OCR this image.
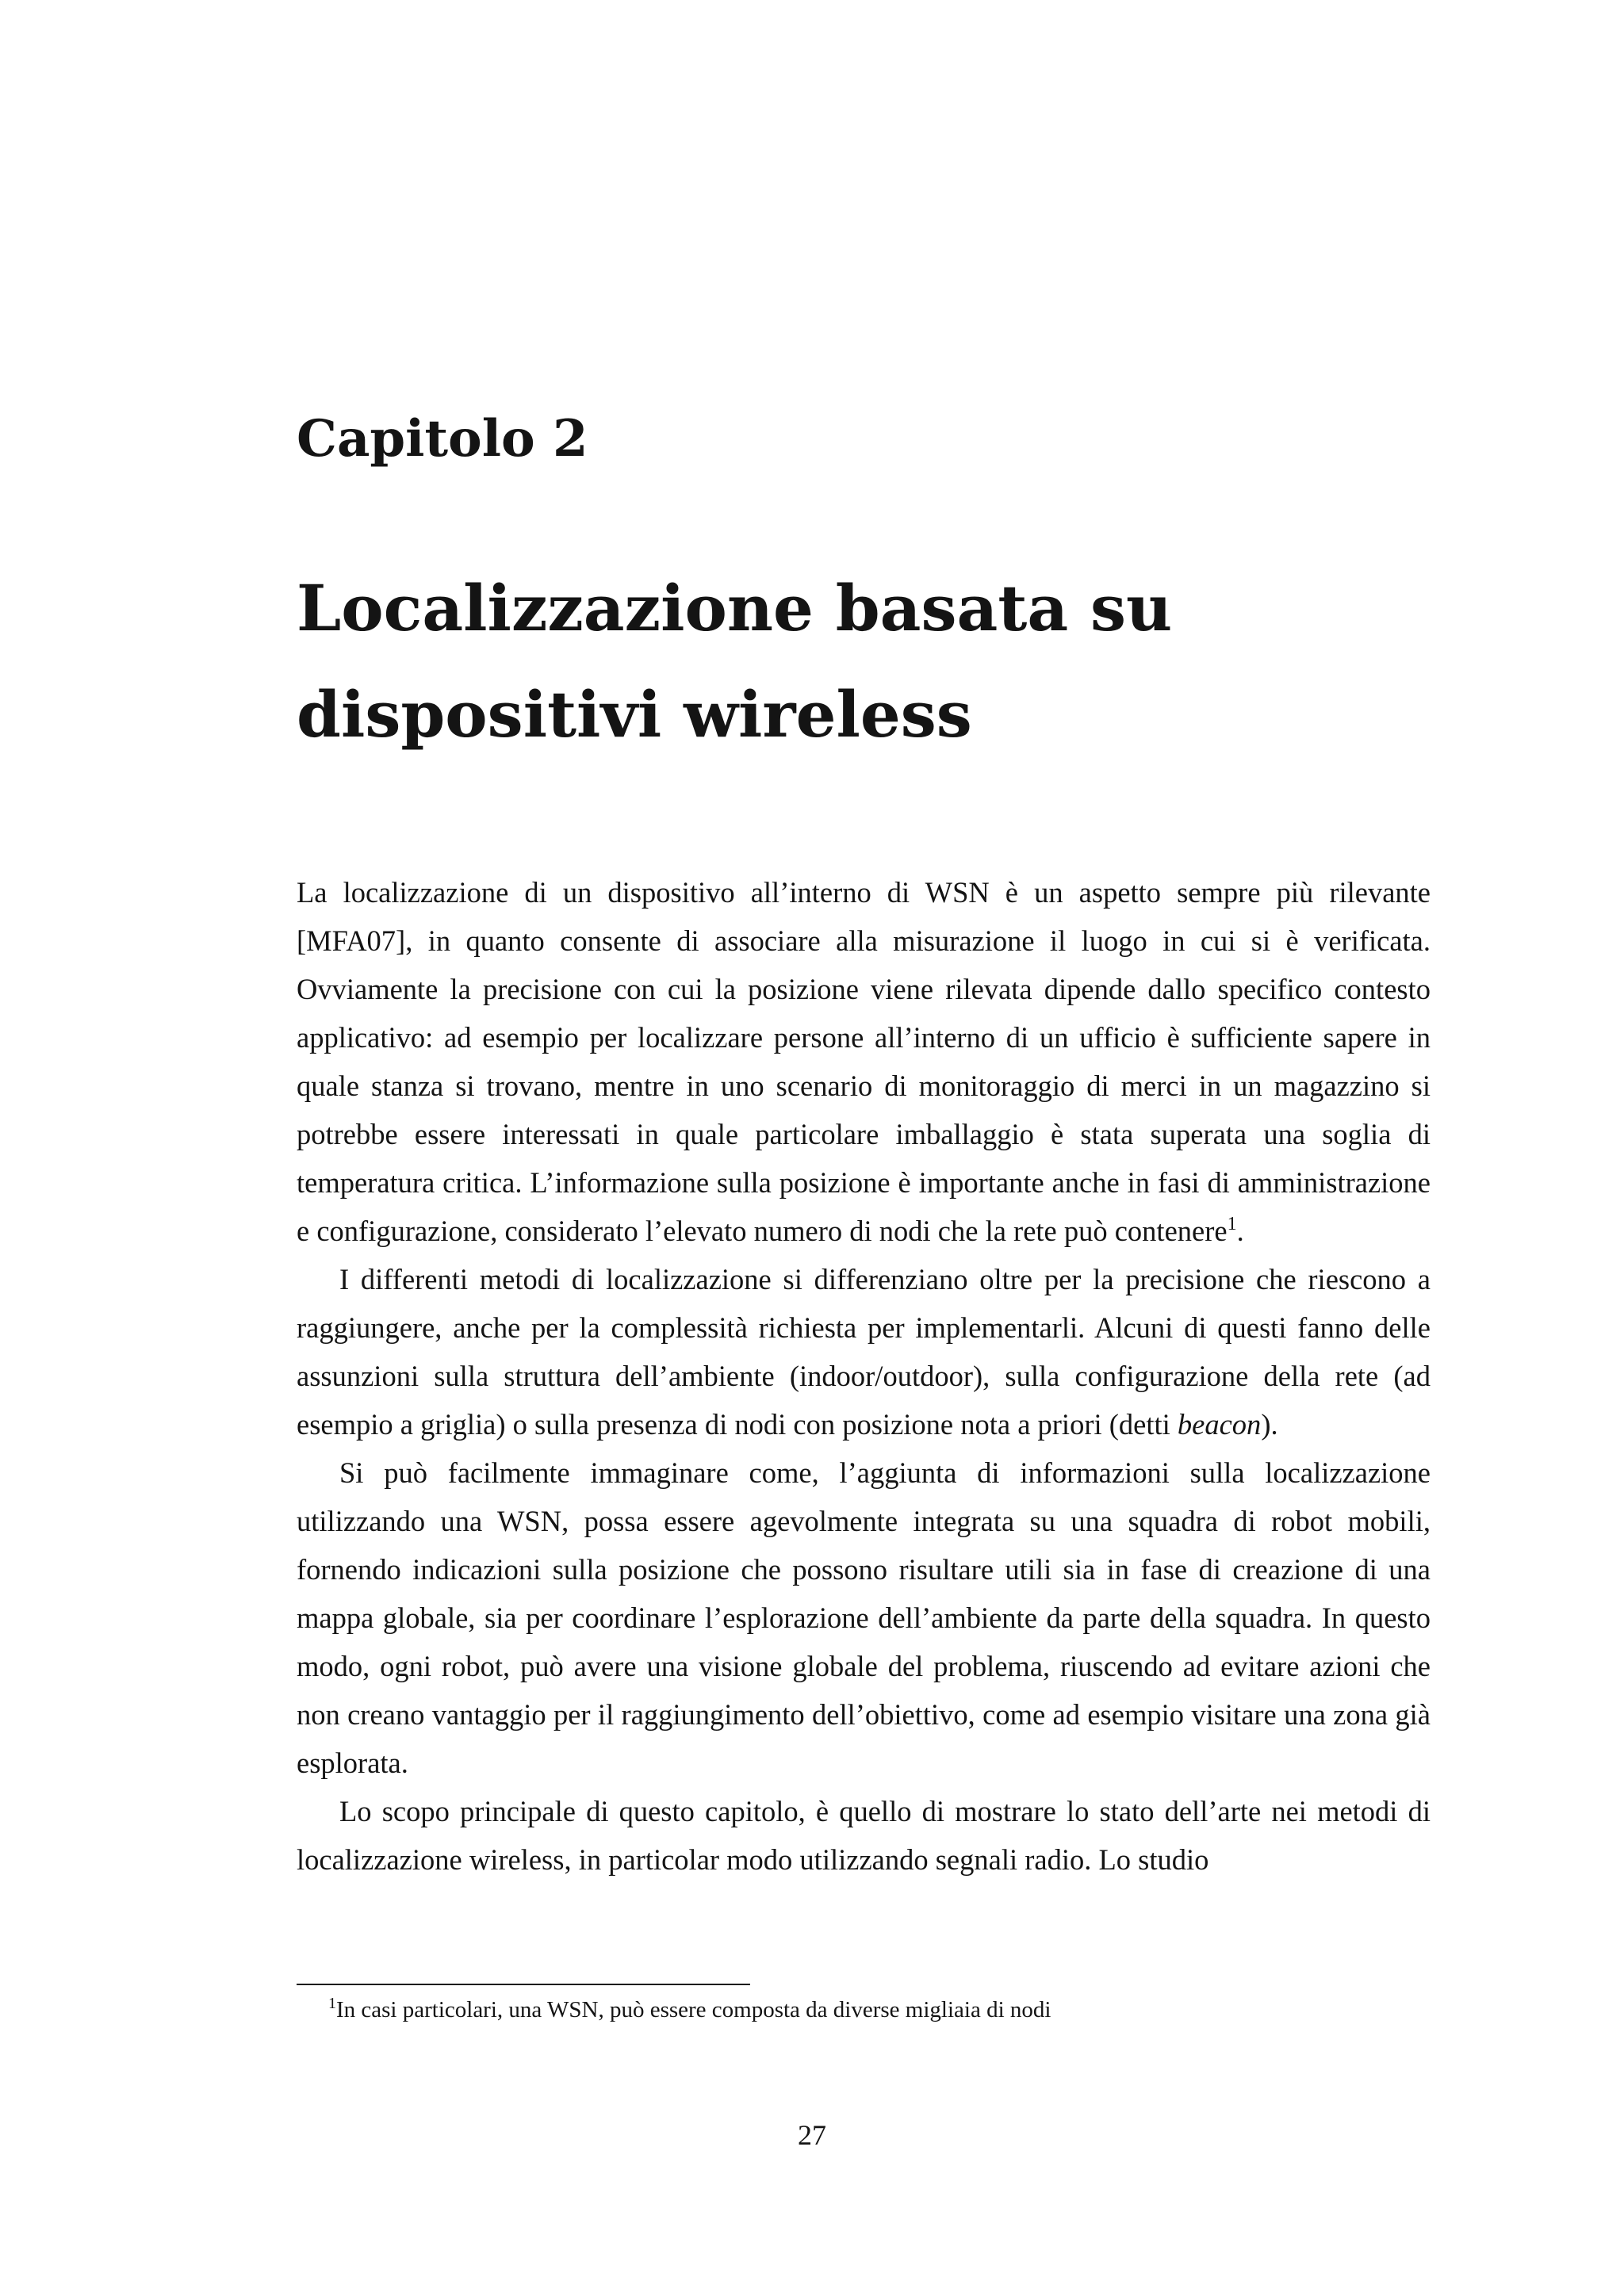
Capitolo 2
Localizzazione basata su dispositivi wireless

La localizzazione di un dispositivo all’interno di WSN è un aspetto sempre più rilevante [MFA07], in quanto consente di associare alla misurazione il luogo in cui si è verificata. Ovviamente la precisione con cui la posizione viene rilevata dipende dallo specifico contesto applicativo: ad esempio per localizzare persone all’interno di un ufficio è sufficiente sapere in quale stanza si trovano, mentre in uno scenario di monitoraggio di merci in un magazzino si potrebbe essere interessati in quale particolare imballaggio è stata superata una soglia di temperatura critica. L’informazione sulla posizione è importante anche in fasi di amministrazione e configurazione, considerato l’elevato numero di nodi che la rete può contenere$^1$.

I differenti metodi di localizzazione si differenziano oltre per la precisione che riescono a raggiungere, anche per la complessità richiesta per implementarli. Alcuni di questi fanno delle assunzioni sulla struttura dell’ambiente (indoor/outdoor), sulla configurazione della rete (ad esempio a griglia) o sulla presenza di nodi con posizione nota a priori (detti beacon).

Si può facilmente immaginare come, l’aggiunta di informazioni sulla localizzazione utilizzando una WSN, possa essere agevolmente integrata su una squadra di robot mobili, fornendo indicazioni sulla posizione che possono risultare utili sia in fase di creazione di una mappa globale, sia per coordinare l’esplorazione dell’ambiente da parte della squadra. In questo modo, ogni robot, può avere una visione globale del problema, riuscendo ad evitare azioni che non creano vantaggio per il raggiungimento dell’obiettivo, come ad esempio visitare una zona già esplorata.

Lo scopo principale di questo capitolo, è quello di mostrare lo stato dell’arte nei metodi di localizzazione wireless, in particolar modo utilizzando segnali radio. Lo studio

$^1$In casi particolari, una WSN, può essere composta da diverse migliaia di nodi
27
